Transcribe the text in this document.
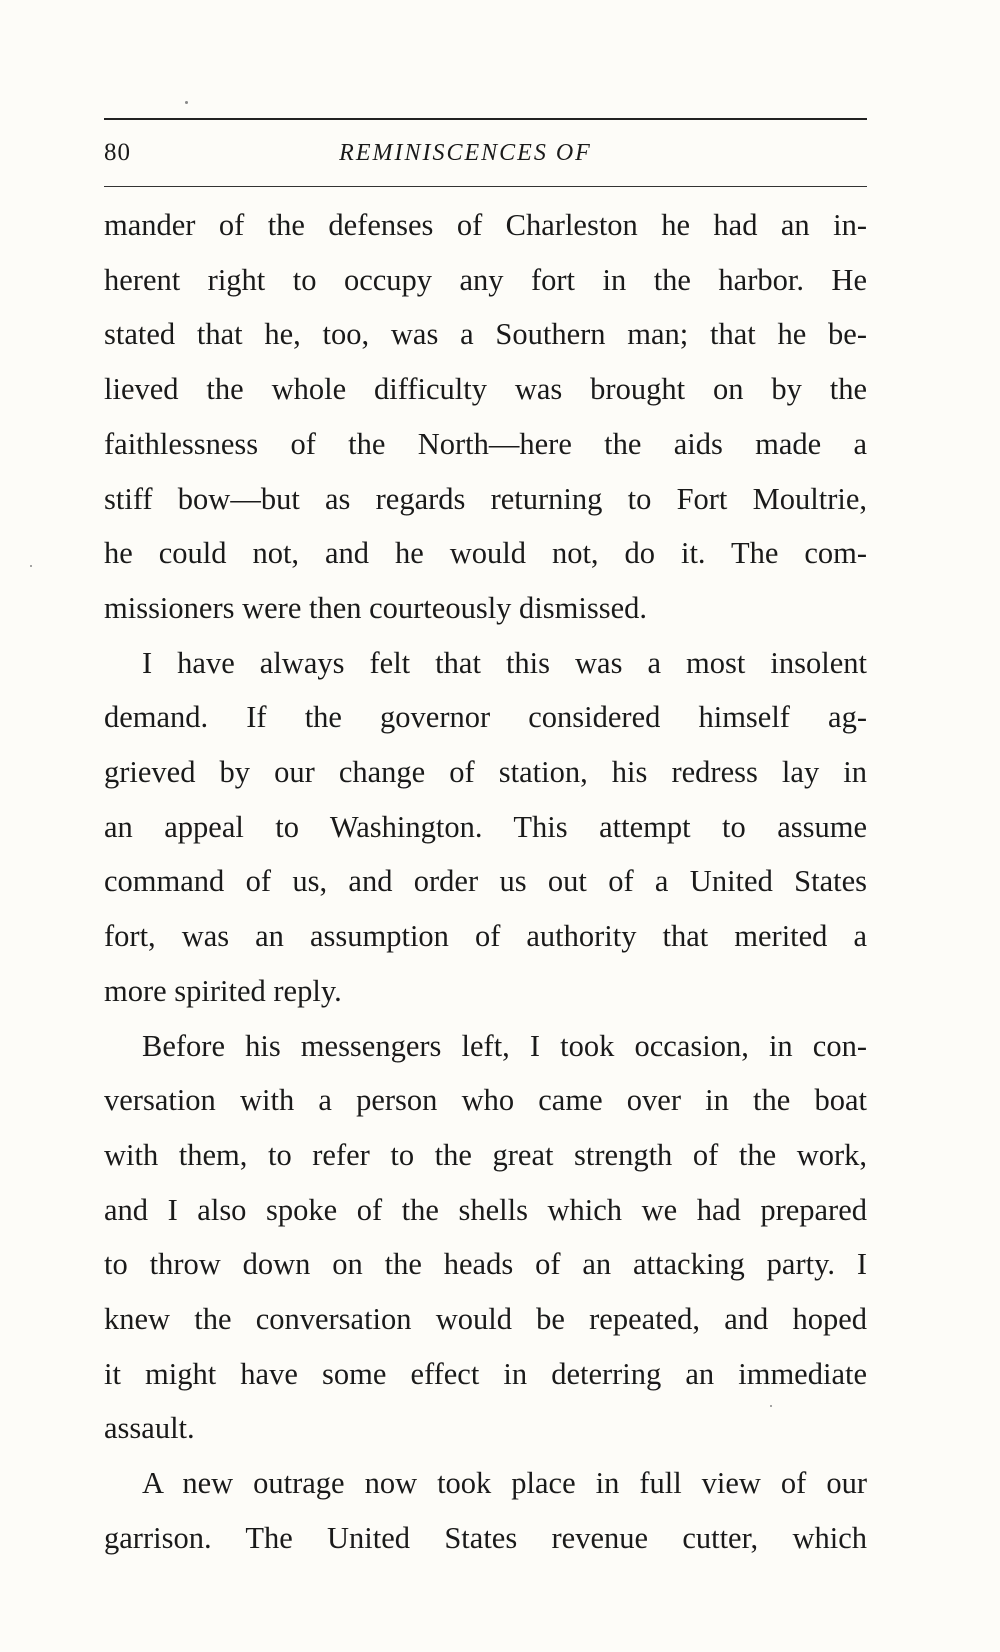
80	REMINISCENCES OF

mander of the defenses of Charleston he had an in-

herent right to occupy any fort in the harbor. He

stated that he, too, was a Southern man; that he be-

lieved the whole difficulty was brought on by the

faithlessness of the North—here the aids made a

stiff bow—but as regards returning to Fort Moultrie,

he could not, and he would not, do it. The com-

missioners were then courteously dismissed.

I have always felt that this was a most insolent

demand. If the governor considered himself ag-

grieved by our change of station, his redress lay in

an appeal to Washington. This attempt to assume

command of us, and order us out of a United States

fort, was an assumption of authority that merited a

more spirited reply.

Before his messengers left, I took occasion, in con-

versation with a person who came over in the boat

with them, to refer to the great strength of the work,

and I also spoke of the shells which we had prepared

to throw down on the heads of an attacking party. I

knew the conversation would be repeated, and hoped

it might have some effect in deterring an immediate

assault.

A new outrage now took place in full view of our

garrison. The United States revenue cutter, which
